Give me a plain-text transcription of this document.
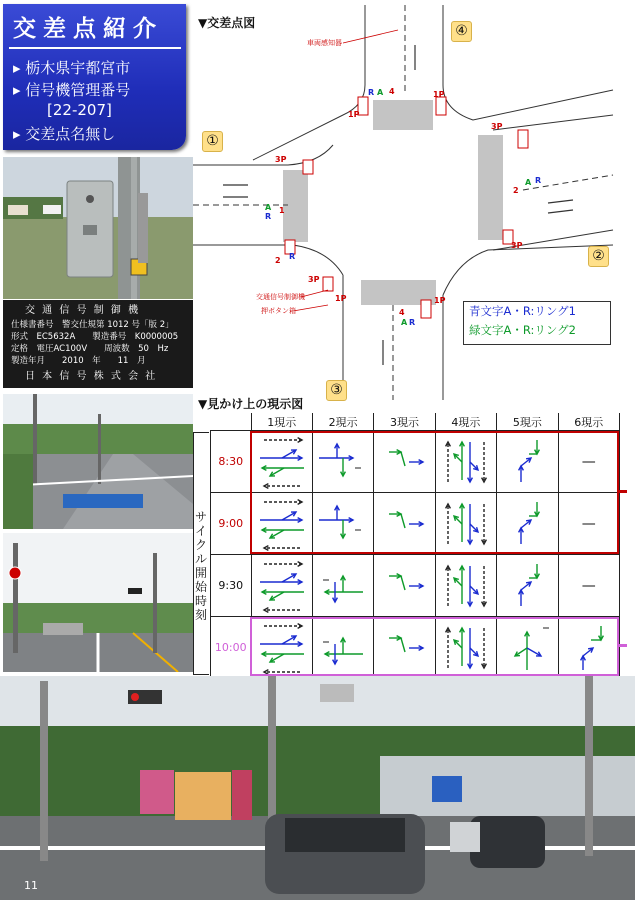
交差点紹介
▸ 栃木県宇都宮市
▸ 信号機管理番号
[22-207]
▸ 交差点名無し
交 通 信 号 制 御 機
仕様書番号　警交仕規第 1012 号「版 2」
形式　EC5632A　　製造番号　K0000005
定格　電圧AC100V　　周波数　50　Hz
製造年月　　2010　年　　11　月
日 本 信 号 株 式 会 社
▼交差点図
4
R A
1P
1P
3P
A
R
1
2 R
3P
2
A R
3P
3P
1P
4
A R
1P
車両感知器
交通信号制御機
押ボタン箱
①
②
③
④
青文字A・R:リング1
緑文字A・R:リング2
▼見かけ上の現示図
サイクル開始時刻
	1現示	2現示	3現示	4現示	5現示	6現示
8:30						—
9:00						—
9:30						—
10:00	

11
